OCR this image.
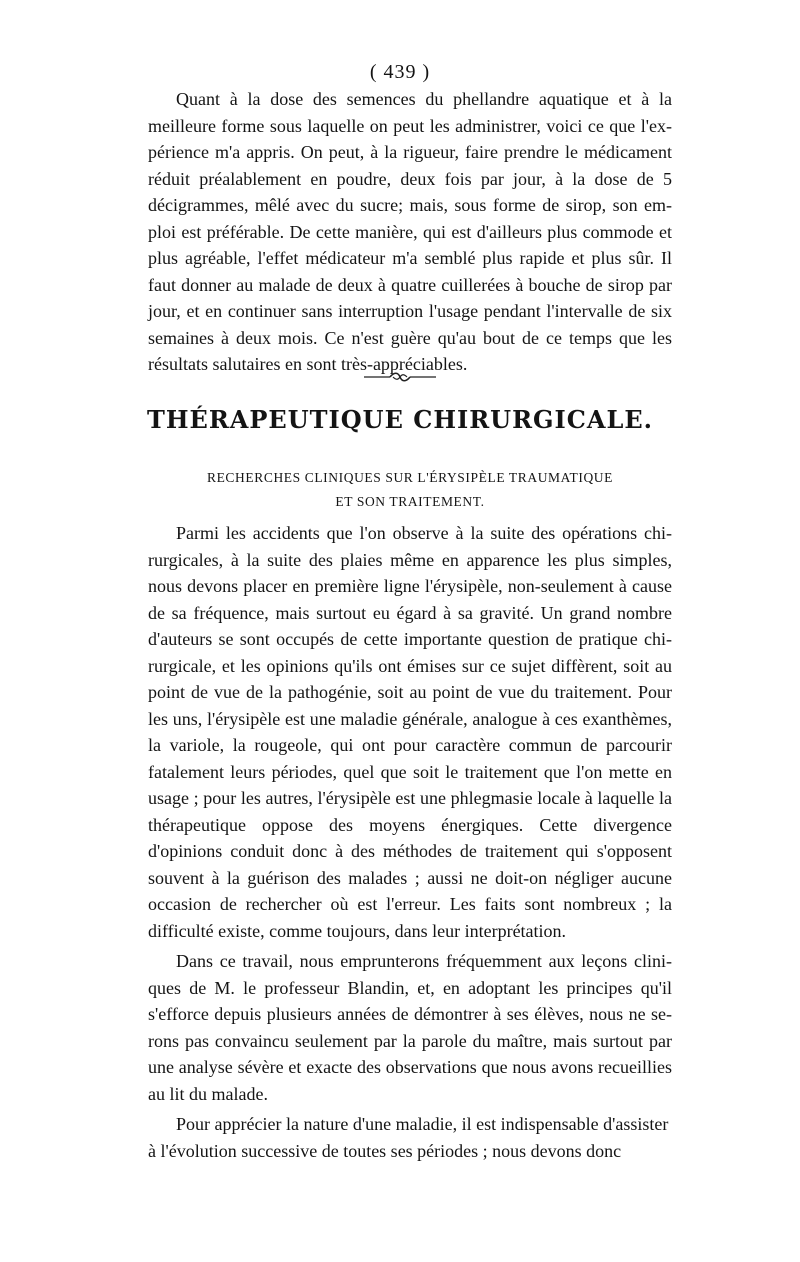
( 439 )

Quant à la dose des semences du phellandre aquatique et à la meilleure forme sous laquelle on peut les administrer, voici ce que l'expérience m'a appris. On peut, à la rigueur, faire prendre le médicament réduit préalablement en poudre, deux fois par jour, à la dose de 5 décigrammes, mêlé avec du sucre; mais, sous forme de sirop, son emploi est préférable. De cette manière, qui est d'ailleurs plus commode et plus agréable, l'effet médicateur m'a semblé plus rapide et plus sûr. Il faut donner au malade de deux à quatre cuillerées à bouche de sirop par jour, et en continuer sans interruption l'usage pendant l'intervalle de six semaines à deux mois. Ce n'est guère qu'au bout de ce temps que les résultats salutaires en sont très-appréciables.

THÉRAPEUTIQUE CHIRURGICALE.
RECHERCHES CLINIQUES SUR L'ÉRYSIPÈLE TRAUMATIQUE
ET SON TRAITEMENT.

Parmi les accidents que l'on observe à la suite des opérations chirurgicales, à la suite des plaies même en apparence les plus simples, nous devons placer en première ligne l'érysipèle, non-seulement à cause de sa fréquence, mais surtout eu égard à sa gravité. Un grand nombre d'auteurs se sont occupés de cette importante question de pratique chirurgicale, et les opinions qu'ils ont émises sur ce sujet diffèrent, soit au point de vue de la pathogénie, soit au point de vue du traitement. Pour les uns, l'érysipèle est une maladie générale, analogue à ces exanthèmes, la variole, la rougeole, qui ont pour caractère commun de parcourir fatalement leurs périodes, quel que soit le traitement que l'on mette en usage ; pour les autres, l'érysipèle est une phlegmasie locale à laquelle la thérapeutique oppose des moyens énergiques. Cette divergence d'opinions conduit donc à des méthodes de traitement qui s'opposent souvent à la guérison des malades ; aussi ne doit-on négliger aucune occasion de rechercher où est l'erreur. Les faits sont nombreux ; la difficulté existe, comme toujours, dans leur interprétation.

Dans ce travail, nous emprunterons fréquemment aux leçons cliniques de M. le professeur Blandin, et, en adoptant les principes qu'il s'efforce depuis plusieurs années de démontrer à ses élèves, nous ne serons pas convaincu seulement par la parole du maître, mais surtout par une analyse sévère et exacte des observations que nous avons recueillies au lit du malade.

Pour apprécier la nature d'une maladie, il est indispensable d'assister à l'évolution successive de toutes ses périodes ; nous devons donc
